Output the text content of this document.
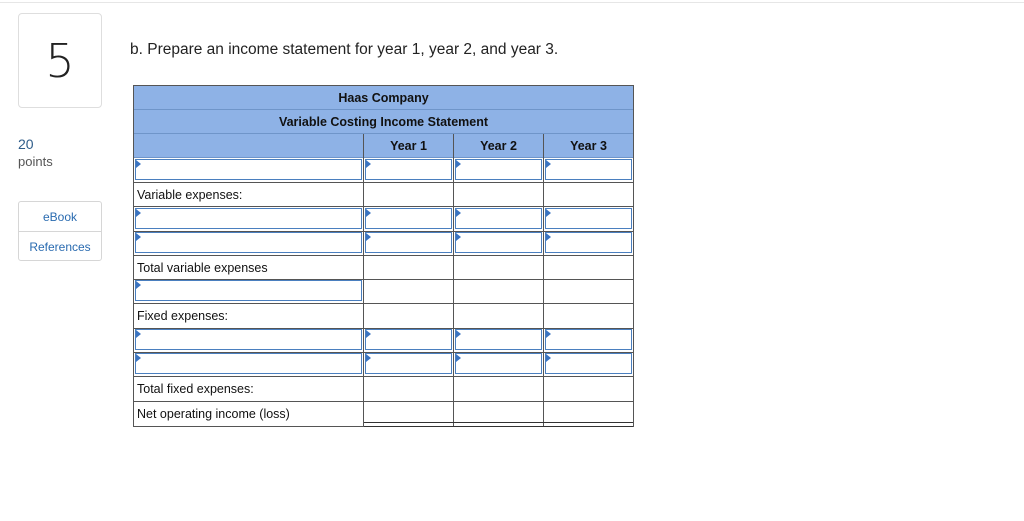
5
20
points
eBook
References
b. Prepare an income statement for year 1, year 2, and year 3.
Haas Company
Variable Costing Income Statement
Year 1	Year 2	Year 3
Variable expenses:
Total variable expenses
Fixed expenses:
Total fixed expenses:
Net operating income (loss)
